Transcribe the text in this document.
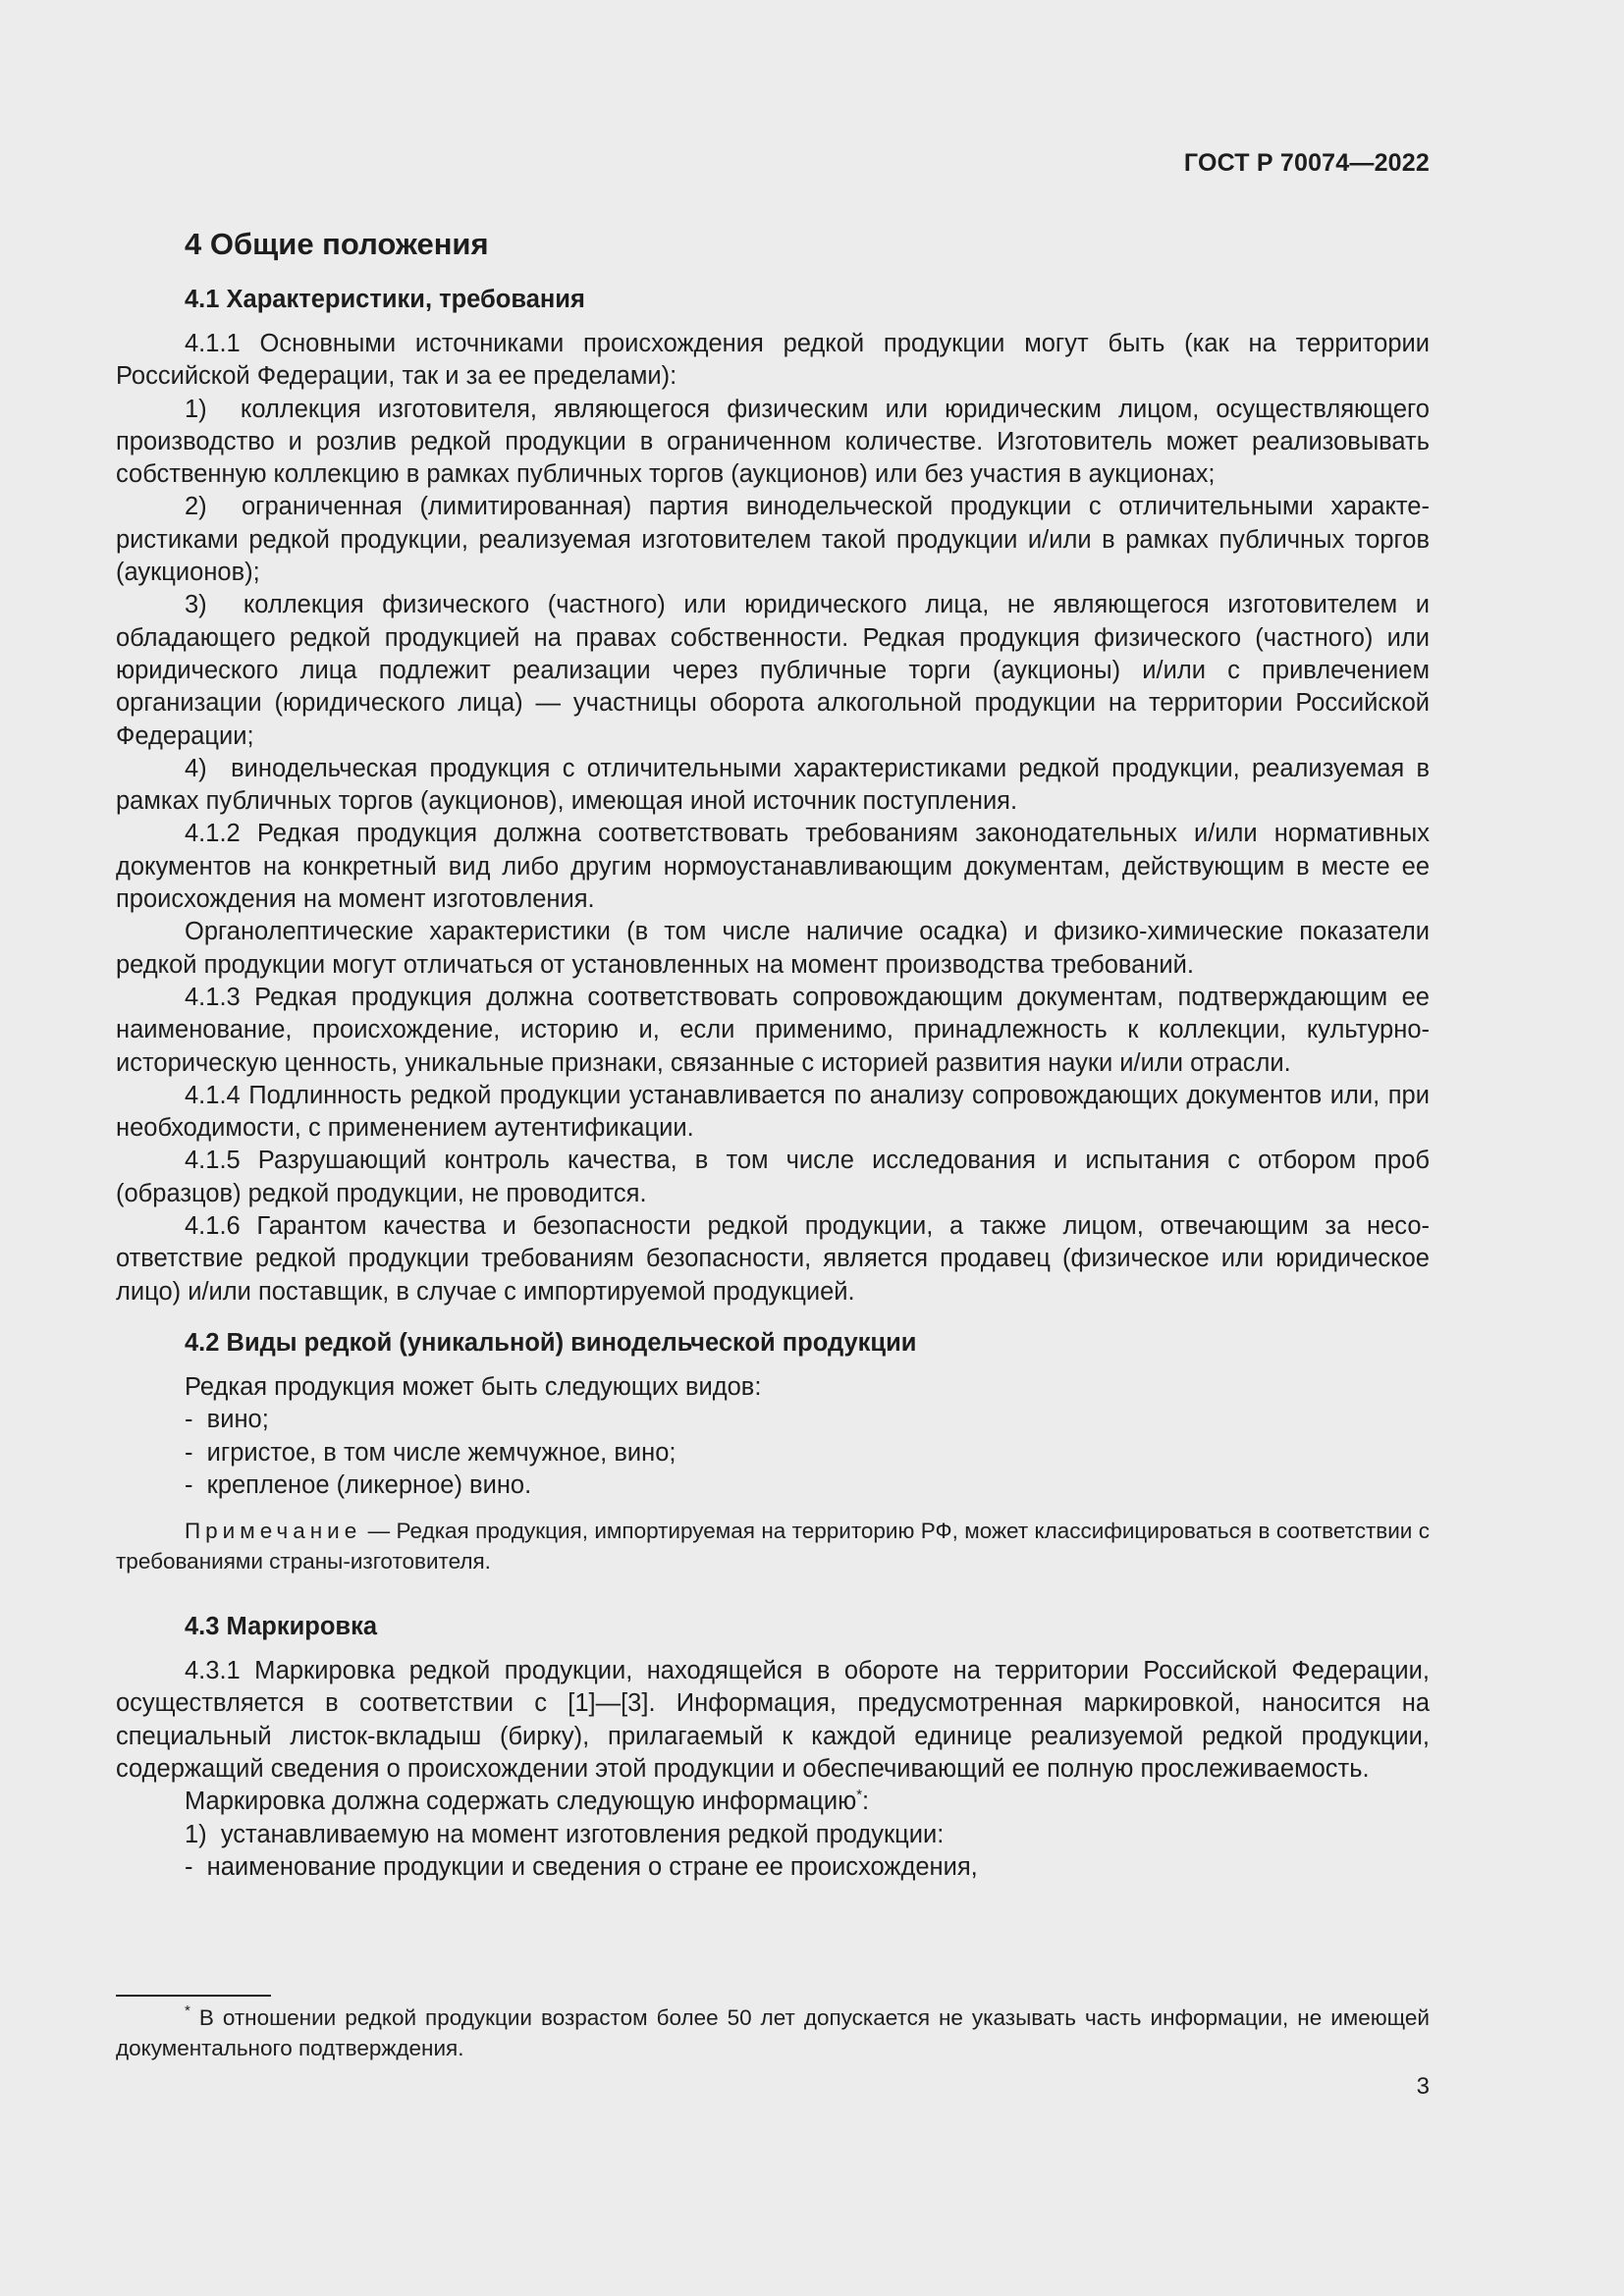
ГОСТ Р 70074—2022

4 Общие положения

4.1 Характеристики, требования

4.1.1 Основными источниками происхождения редкой продукции могут быть (как на территории Российской Федерации, так и за ее пределами):

1)  коллекция изготовителя, являющегося физическим или юридическим лицом, осуществляющего производство и розлив редкой продукции в ограниченном количестве. Изготовитель может реализовывать собственную коллекцию в рамках публичных торгов (аукционов) или без участия в аукционах;

2)  ограниченная (лимитированная) партия винодельческой продукции с отличительными характеристиками редкой продукции, реализуемая изготовителем такой продукции и/или в рамках публичных торгов (аукционов);

3)  коллекция физического (частного) или юридического лица, не являющегося изготовителем и обладающего редкой продукцией на правах собственности. Редкая продукция физического (частного) или юридического лица подлежит реализации через публичные торги (аукционы) и/или с привлечением организации (юридического лица) — участницы оборота алкогольной продукции на территории Российской Федерации;

4)  винодельческая продукция с отличительными характеристиками редкой продукции, реализуемая в рамках публичных торгов (аукционов), имеющая иной источник поступления.

4.1.2 Редкая продукция должна соответствовать требованиям законодательных и/или нормативных документов на конкретный вид либо другим нормоустанавливающим документам, действующим в месте ее происхождения на момент изготовления.

Органолептические характеристики (в том числе наличие осадка) и физико-химические показатели редкой продукции могут отличаться от установленных на момент производства требований.

4.1.3 Редкая продукция должна соответствовать сопровождающим документам, подтверждающим ее наименование, происхождение, историю и, если применимо, принадлежность к коллекции, культурно-историческую ценность, уникальные признаки, связанные с историей развития науки и/или отрасли.

4.1.4 Подлинность редкой продукции устанавливается по анализу сопровождающих документов или, при необходимости, с применением аутентификации.

4.1.5 Разрушающий контроль качества, в том числе исследования и испытания с отбором проб (образцов) редкой продукции, не проводится.

4.1.6 Гарантом качества и безопасности редкой продукции, а также лицом, отвечающим за несоответствие редкой продукции требованиям безопасности, является продавец (физическое или юридическое лицо) и/или поставщик, в случае с импортируемой продукцией.

4.2 Виды редкой (уникальной) винодельческой продукции

Редкая продукция может быть следующих видов:

-  вино;

-  игристое, в том числе жемчужное, вино;

-  крепленое (ликерное) вино.

Примечание — Редкая продукция, импортируемая на территорию РФ, может классифицироваться в соответствии с требованиями страны-изготовителя.

4.3 Маркировка

4.3.1 Маркировка редкой продукции, находящейся в обороте на территории Российской Федерации, осуществляется в соответствии с [1]—[3]. Информация, предусмотренная маркировкой, наносится на специальный листок-вкладыш (бирку), прилагаемый к каждой единице реализуемой редкой продукции, содержащий сведения о происхождении этой продукции и обеспечивающий ее полную прослеживаемость.

Маркировка должна содержать следующую информацию*:

1)  устанавливаемую на момент изготовления редкой продукции:

-  наименование продукции и сведения о стране ее происхождения,

* В отношении редкой продукции возрастом более 50 лет допускается не указывать часть информации, не имеющей документального подтверждения.

3
